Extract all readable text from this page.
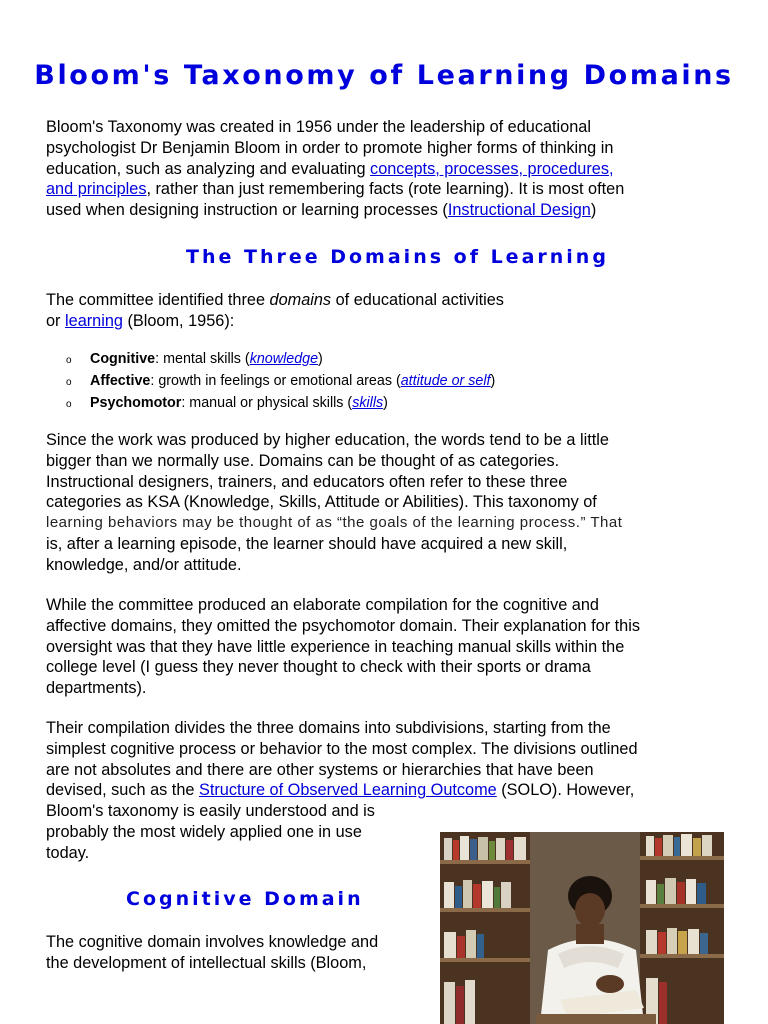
Bloom's Taxonomy of Learning Domains
Bloom's Taxonomy was created in 1956 under the leadership of educational
psychologist Dr Benjamin Bloom in order to promote higher forms of thinking in
education, such as analyzing and evaluating concepts, processes, procedures,
and principles, rather than just remembering facts (rote learning). It is most often
used when designing instruction or learning processes (Instructional Design)
The Three Domains of Learning
The committee identified three domains of educational activities
or learning (Bloom, 1956):
o Cognitive: mental skills (knowledge)
o Affective: growth in feelings or emotional areas (attitude or self)
o Psychomotor: manual or physical skills (skills)
Since the work was produced by higher education, the words tend to be a little
bigger than we normally use. Domains can be thought of as categories.
Instructional designers, trainers, and educators often refer to these three
categories as KSA (Knowledge, Skills, Attitude or Abilities). This taxonomy of
learning behaviors may be thought of as “the goals of the learning process.” That
is, after a learning episode, the learner should have acquired a new skill,
knowledge, and/or attitude.
While the committee produced an elaborate compilation for the cognitive and
affective domains, they omitted the psychomotor domain. Their explanation for this
oversight was that they have little experience in teaching manual skills within the
college level (I guess they never thought to check with their sports or drama
departments).
Their compilation divides the three domains into subdivisions, starting from the
simplest cognitive process or behavior to the most complex. The divisions outlined
are not absolutes and there are other systems or hierarchies that have been
devised, such as the Structure of Observed Learning Outcome (SOLO). However,
Bloom's taxonomy is easily understood and is
probably the most widely applied one in use
today.
Cognitive Domain
The cognitive domain involves knowledge and
the development of intellectual skills (Bloom,
